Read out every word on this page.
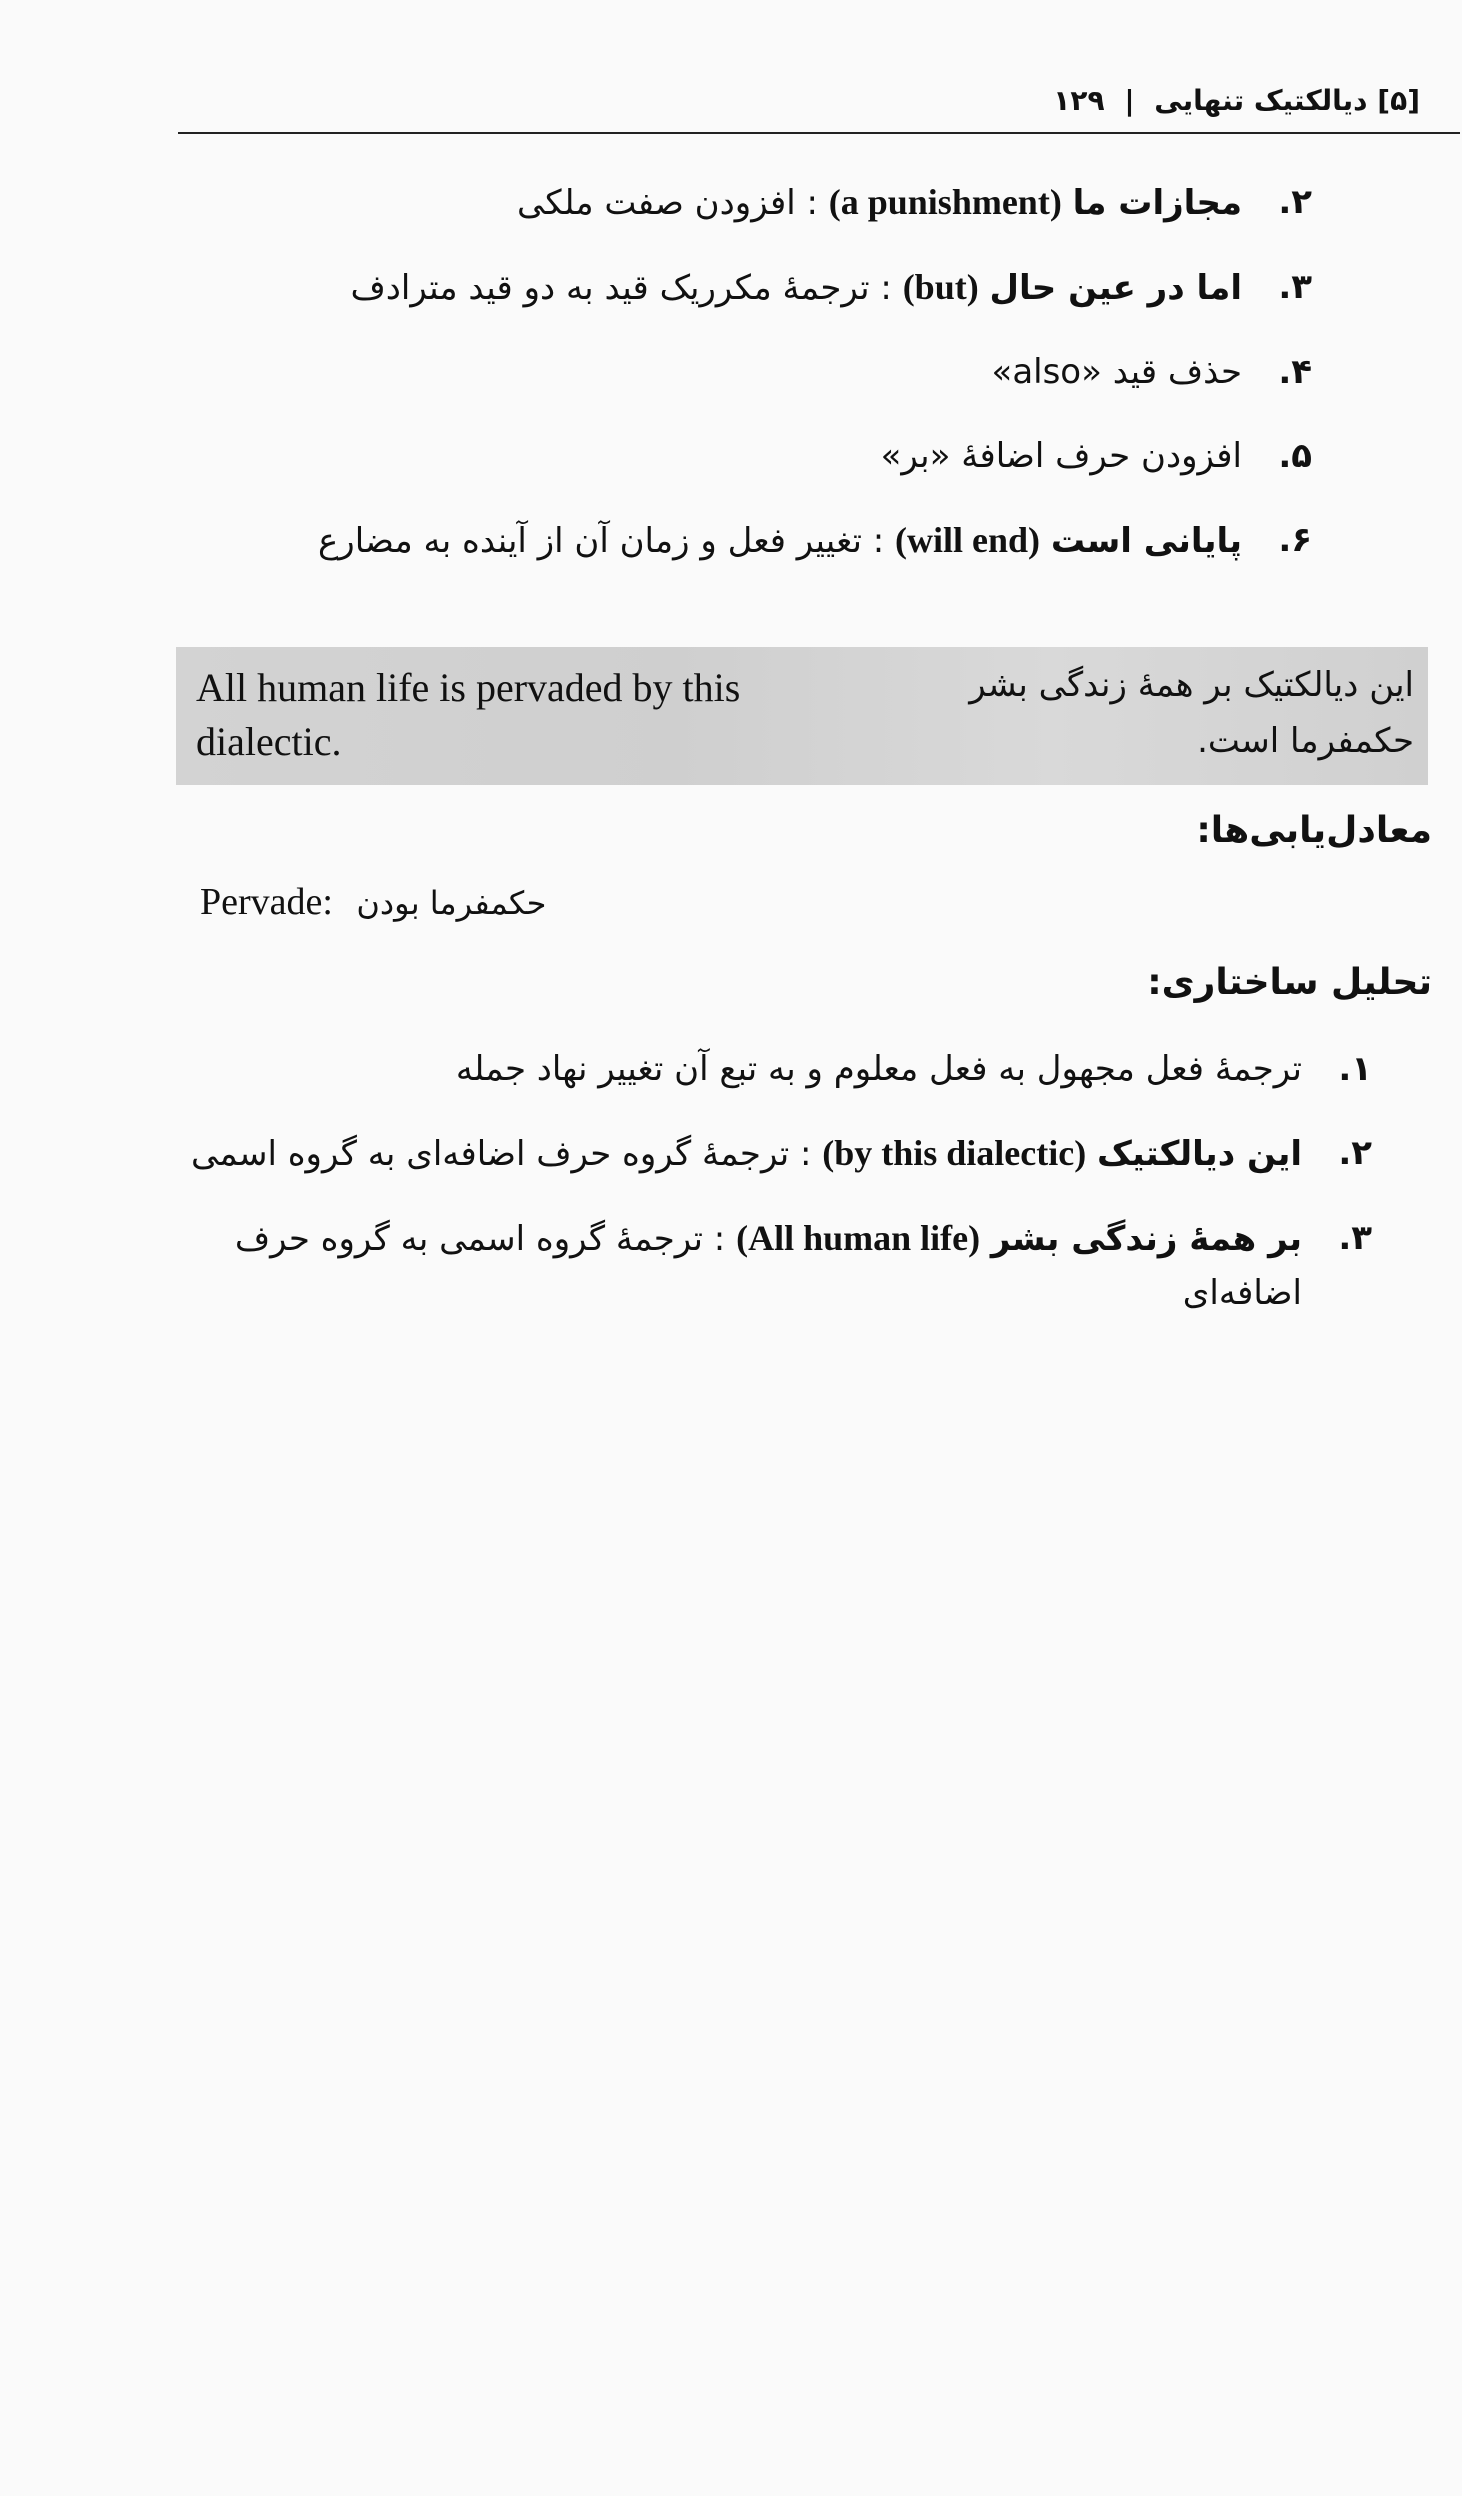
[۵] دیالکتیک تنهایی | ۱۲۹
۲.
مجازات ما (a punishment) : افزودن صفت ملکی
۳.
اما در عین حال (but) : ترجمهٔ مکرریک قید به دو قید مترادف
۴.
حذف قید «also»
۵.
افزودن حرف اضافهٔ «بر»
۶.
پایانی است (will end) : تغییر فعل و زمان آن از آینده به مضارع
All human life is pervaded by this dialectic.
این دیالکتیک بر همهٔ زندگی بشر حکمفرما است.
معادل‌یابی‌ها:
Pervade: حکمفرما بودن
تحلیل ساختاری:
۱.
ترجمهٔ فعل مجهول به فعل معلوم و به تبع آن تغییر نهاد جمله
۲.
این دیالکتیک (by this dialectic) : ترجمهٔ گروه حرف اضافه‌ای به گروه اسمی
۳.
بر همهٔ زندگی بشر (All human life) : ترجمهٔ گروه اسمی به گروه حرف اضافه‌ای
